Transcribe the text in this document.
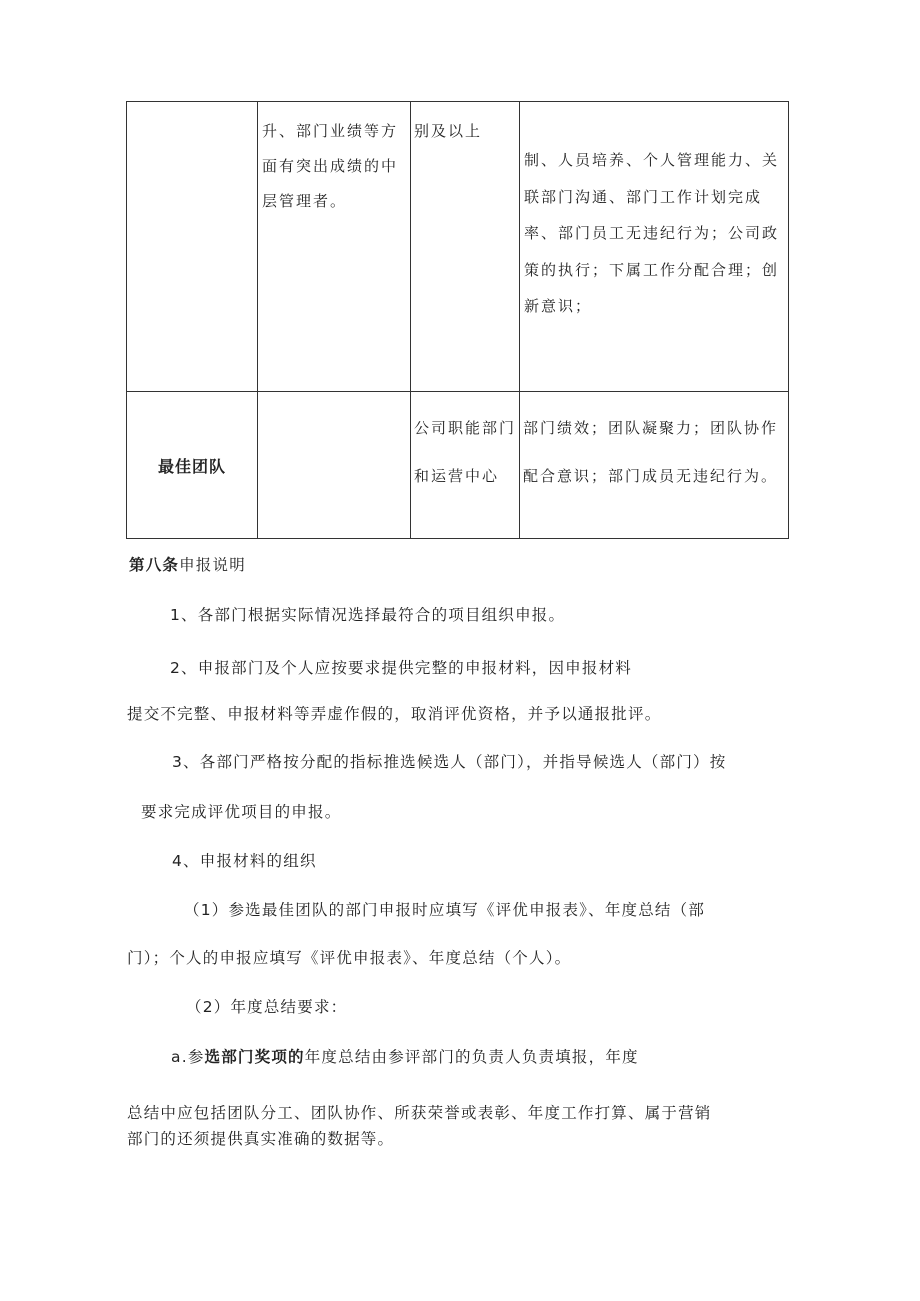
	升、部门业绩等方面有突出成绩的中层管理者。	别及以上	制、人员培养、个人管理能力、关联部门沟通、部门工作计划完成率、部门员工无违纪行为；公司政策的执行；下属工作分配合理；创新意识；

最佳团队		公司职能部门和运营中心	部门绩效；团队凝聚力；团队协作配合意识；部门成员无违纪行为。
第八条申报说明
1、各部门根据实际情况选择最符合的项目组织申报。
2、申报部门及个人应按要求提供完整的申报材料，因申报材料
提交不完整、申报材料等弄虚作假的，取消评优资格，并予以通报批评。
3、各部门严格按分配的指标推选候选人（部门），并指导候选人（部门）按
要求完成评优项目的申报。
4、申报材料的组织
（1）参选最佳团队的部门申报时应填写《评优申报表》、年度总结（部
门）；个人的申报应填写《评优申报表》、年度总结（个人）。
（2）年度总结要求：
a.参选部门奖项的年度总结由参评部门的负责人负责填报，年度
总结中应包括团队分工、团队协作、所获荣誉或表彰、年度工作打算、属于营销
部门的还须提供真实准确的数据等。
